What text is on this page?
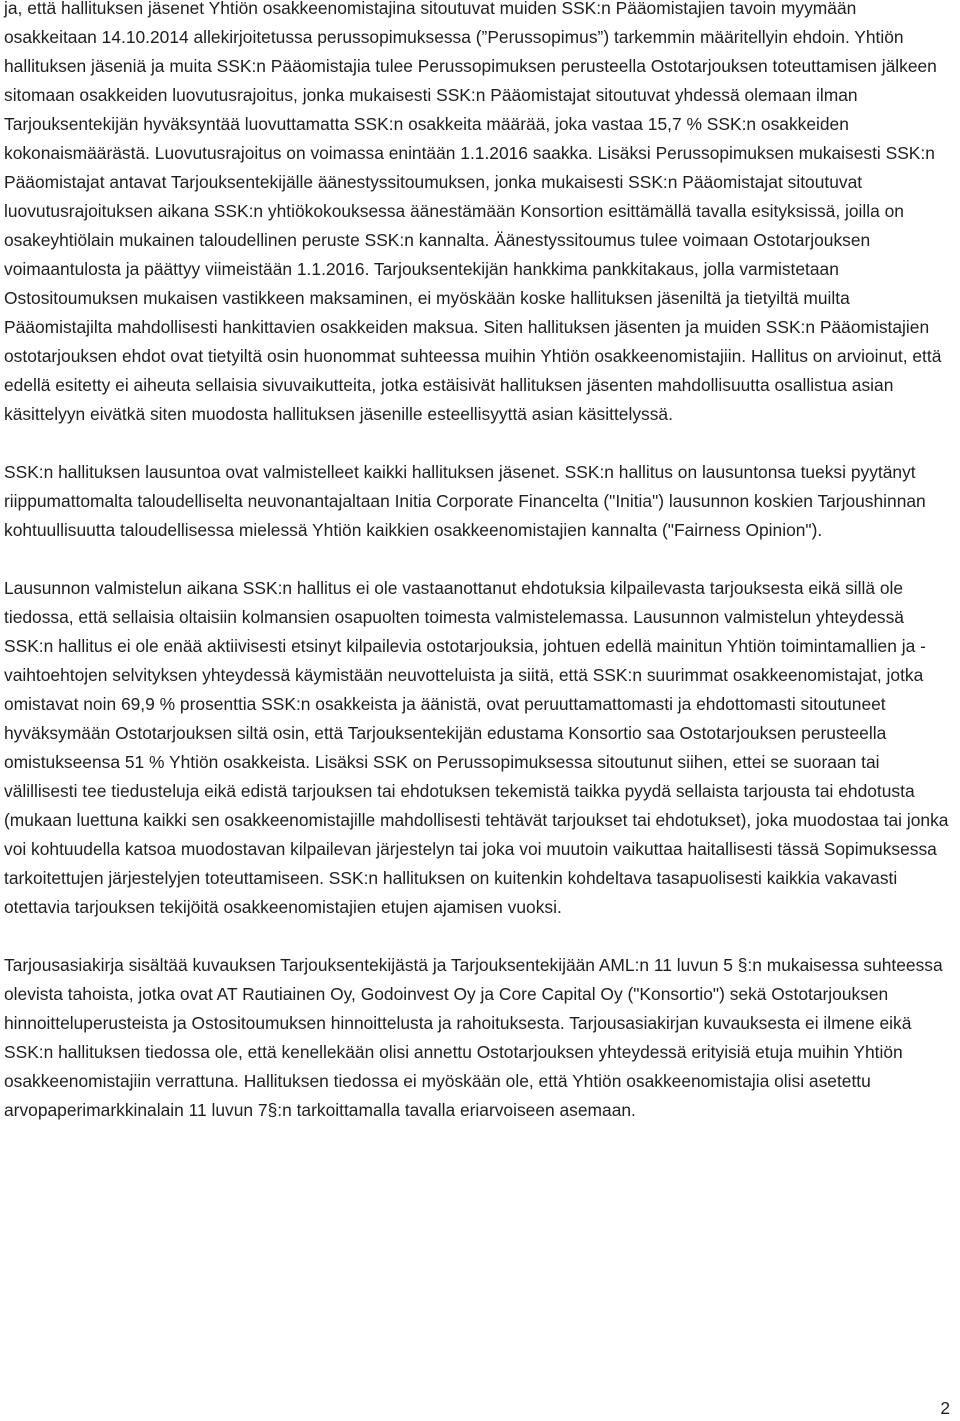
ja, että hallituksen jäsenet Yhtiön osakkeenomistajina sitoutuvat muiden SSK:n Pääomistajien tavoin myymään osakkeitaan 14.10.2014 allekirjoitetussa perussopimuksessa (”Perussopimus”) tarkemmin määritellyin ehdoin. Yhtiön hallituksen jäseniä ja muita SSK:n Pääomistajia tulee Perussopimuksen perusteella Ostotarjouksen toteuttamisen jälkeen sitomaan osakkeiden luovutusrajoitus, jonka mukaisesti SSK:n Pääomistajat sitoutuvat yhdessä olemaan ilman Tarjouksentekijän hyväksyntää luovuttamatta SSK:n osakkeita määrää, joka vastaa 15,7 % SSK:n osakkeiden kokonaismäärästä. Luovutusrajoitus on voimassa enintään 1.1.2016 saakka. Lisäksi Perussopimuksen mukaisesti SSK:n Pääomistajat antavat Tarjouksentekijälle äänestyssitoumuksen, jonka mukaisesti SSK:n Pääomistajat sitoutuvat luovutusrajoituksen aikana SSK:n yhtiökokouksessa äänestämään Konsortion esittämällä tavalla esityksissä, joilla on osakeyhtiölain mukainen taloudellinen peruste SSK:n kannalta. Äänestyssitoumus tulee voimaan Ostotarjouksen voimaantulosta ja päättyy viimeistään 1.1.2016. Tarjouksentekijän hankkima pankkitakaus, jolla varmistetaan Ostositoumuksen mukaisen vastikkeen maksaminen, ei myöskään koske hallituksen jäseniltä ja tietyiltä muilta Pääomistajilta mahdollisesti hankittavien osakkeiden maksua. Siten hallituksen jäsenten ja muiden SSK:n Pääomistajien ostotarjouksen ehdot ovat tietyiltä osin huonommat suhteessa muihin Yhtiön osakkeenomistajiin. Hallitus on arvioinut, että edellä esitetty ei aiheuta sellaisia sivuvaikutteita, jotka estäisivät hallituksen jäsenten mahdollisuutta osallistua asian käsittelyyn eivätkä siten muodosta hallituksen jäsenille esteellisyyttä asian käsittelyssä.

SSK:n hallituksen lausuntoa ovat valmistelleet kaikki hallituksen jäsenet. SSK:n hallitus on lausuntonsa tueksi pyytänyt riippumattomalta taloudelliselta neuvonantajaltaan Initia Corporate Financelta ("Initia") lausunnon koskien Tarjoushinnan kohtuullisuutta taloudellisessa mielessä Yhtiön kaikkien osakkeenomistajien kannalta ("Fairness Opinion").

Lausunnon valmistelun aikana SSK:n hallitus ei ole vastaanottanut ehdotuksia kilpailevasta tarjouksesta eikä sillä ole tiedossa, että sellaisia oltaisiin kolmansien osapuolten toimesta valmistelemassa. Lausunnon valmistelun yhteydessä SSK:n hallitus ei ole enää aktiivisesti etsinyt kilpailevia ostotarjouksia, johtuen edellä mainitun Yhtiön toimintamallien ja -vaihtoehtojen selvityksen yhteydessä käymistään neuvotteluista ja siitä, että SSK:n suurimmat osakkeenomistajat, jotka omistavat noin 69,9 % prosenttia SSK:n osakkeista ja äänistä, ovat peruuttamattomasti ja ehdottomasti sitoutuneet hyväksymään Ostotarjouksen siltä osin, että Tarjouksentekijän edustama Konsortio saa Ostotarjouksen perusteella omistukseensa 51 % Yhtiön osakkeista. Lisäksi SSK on Perussopimuksessa sitoutunut siihen, ettei se suoraan tai välillisesti tee tiedusteluja eikä edistä tarjouksen tai ehdotuksen tekemistä taikka pyydä sellaista tarjousta tai ehdotusta (mukaan luettuna kaikki sen osakkeenomistajille mahdollisesti tehtävät tarjoukset tai ehdotukset), joka muodostaa tai jonka voi kohtuudella katsoa muodostavan kilpailevan järjestelyn tai joka voi muutoin vaikuttaa haitallisesti tässä Sopimuksessa tarkoitettujen järjestelyjen toteuttamiseen. SSK:n hallituksen on kuitenkin kohdeltava tasapuolisesti kaikkia vakavasti otettavia tarjouksen tekijöitä osakkeenomistajien etujen ajamisen vuoksi.

Tarjousasiakirja sisältää kuvauksen Tarjouksentekijästä ja Tarjouksentekijään AML:n 11 luvun 5 §:n mukaisessa suhteessa olevista tahoista, jotka ovat AT Rautiainen Oy, Godoinvest Oy ja Core Capital Oy ("Konsortio") sekä Ostotarjouksen hinnoitteluperusteista ja Ostositoumuksen hinnoittelusta ja rahoituksesta. Tarjousasiakirjan kuvauksesta ei ilmene eikä SSK:n hallituksen tiedossa ole, että kenellekään olisi annettu Ostotarjouksen yhteydessä erityisiä etuja muihin Yhtiön osakkeenomistajiin verrattuna. Hallituksen tiedossa ei myöskään ole, että Yhtiön osakkeenomistajia olisi asetettu arvopaperimarkkinalain 11 luvun 7§:n tarkoittamalla tavalla eriarvoiseen asemaan.

2
